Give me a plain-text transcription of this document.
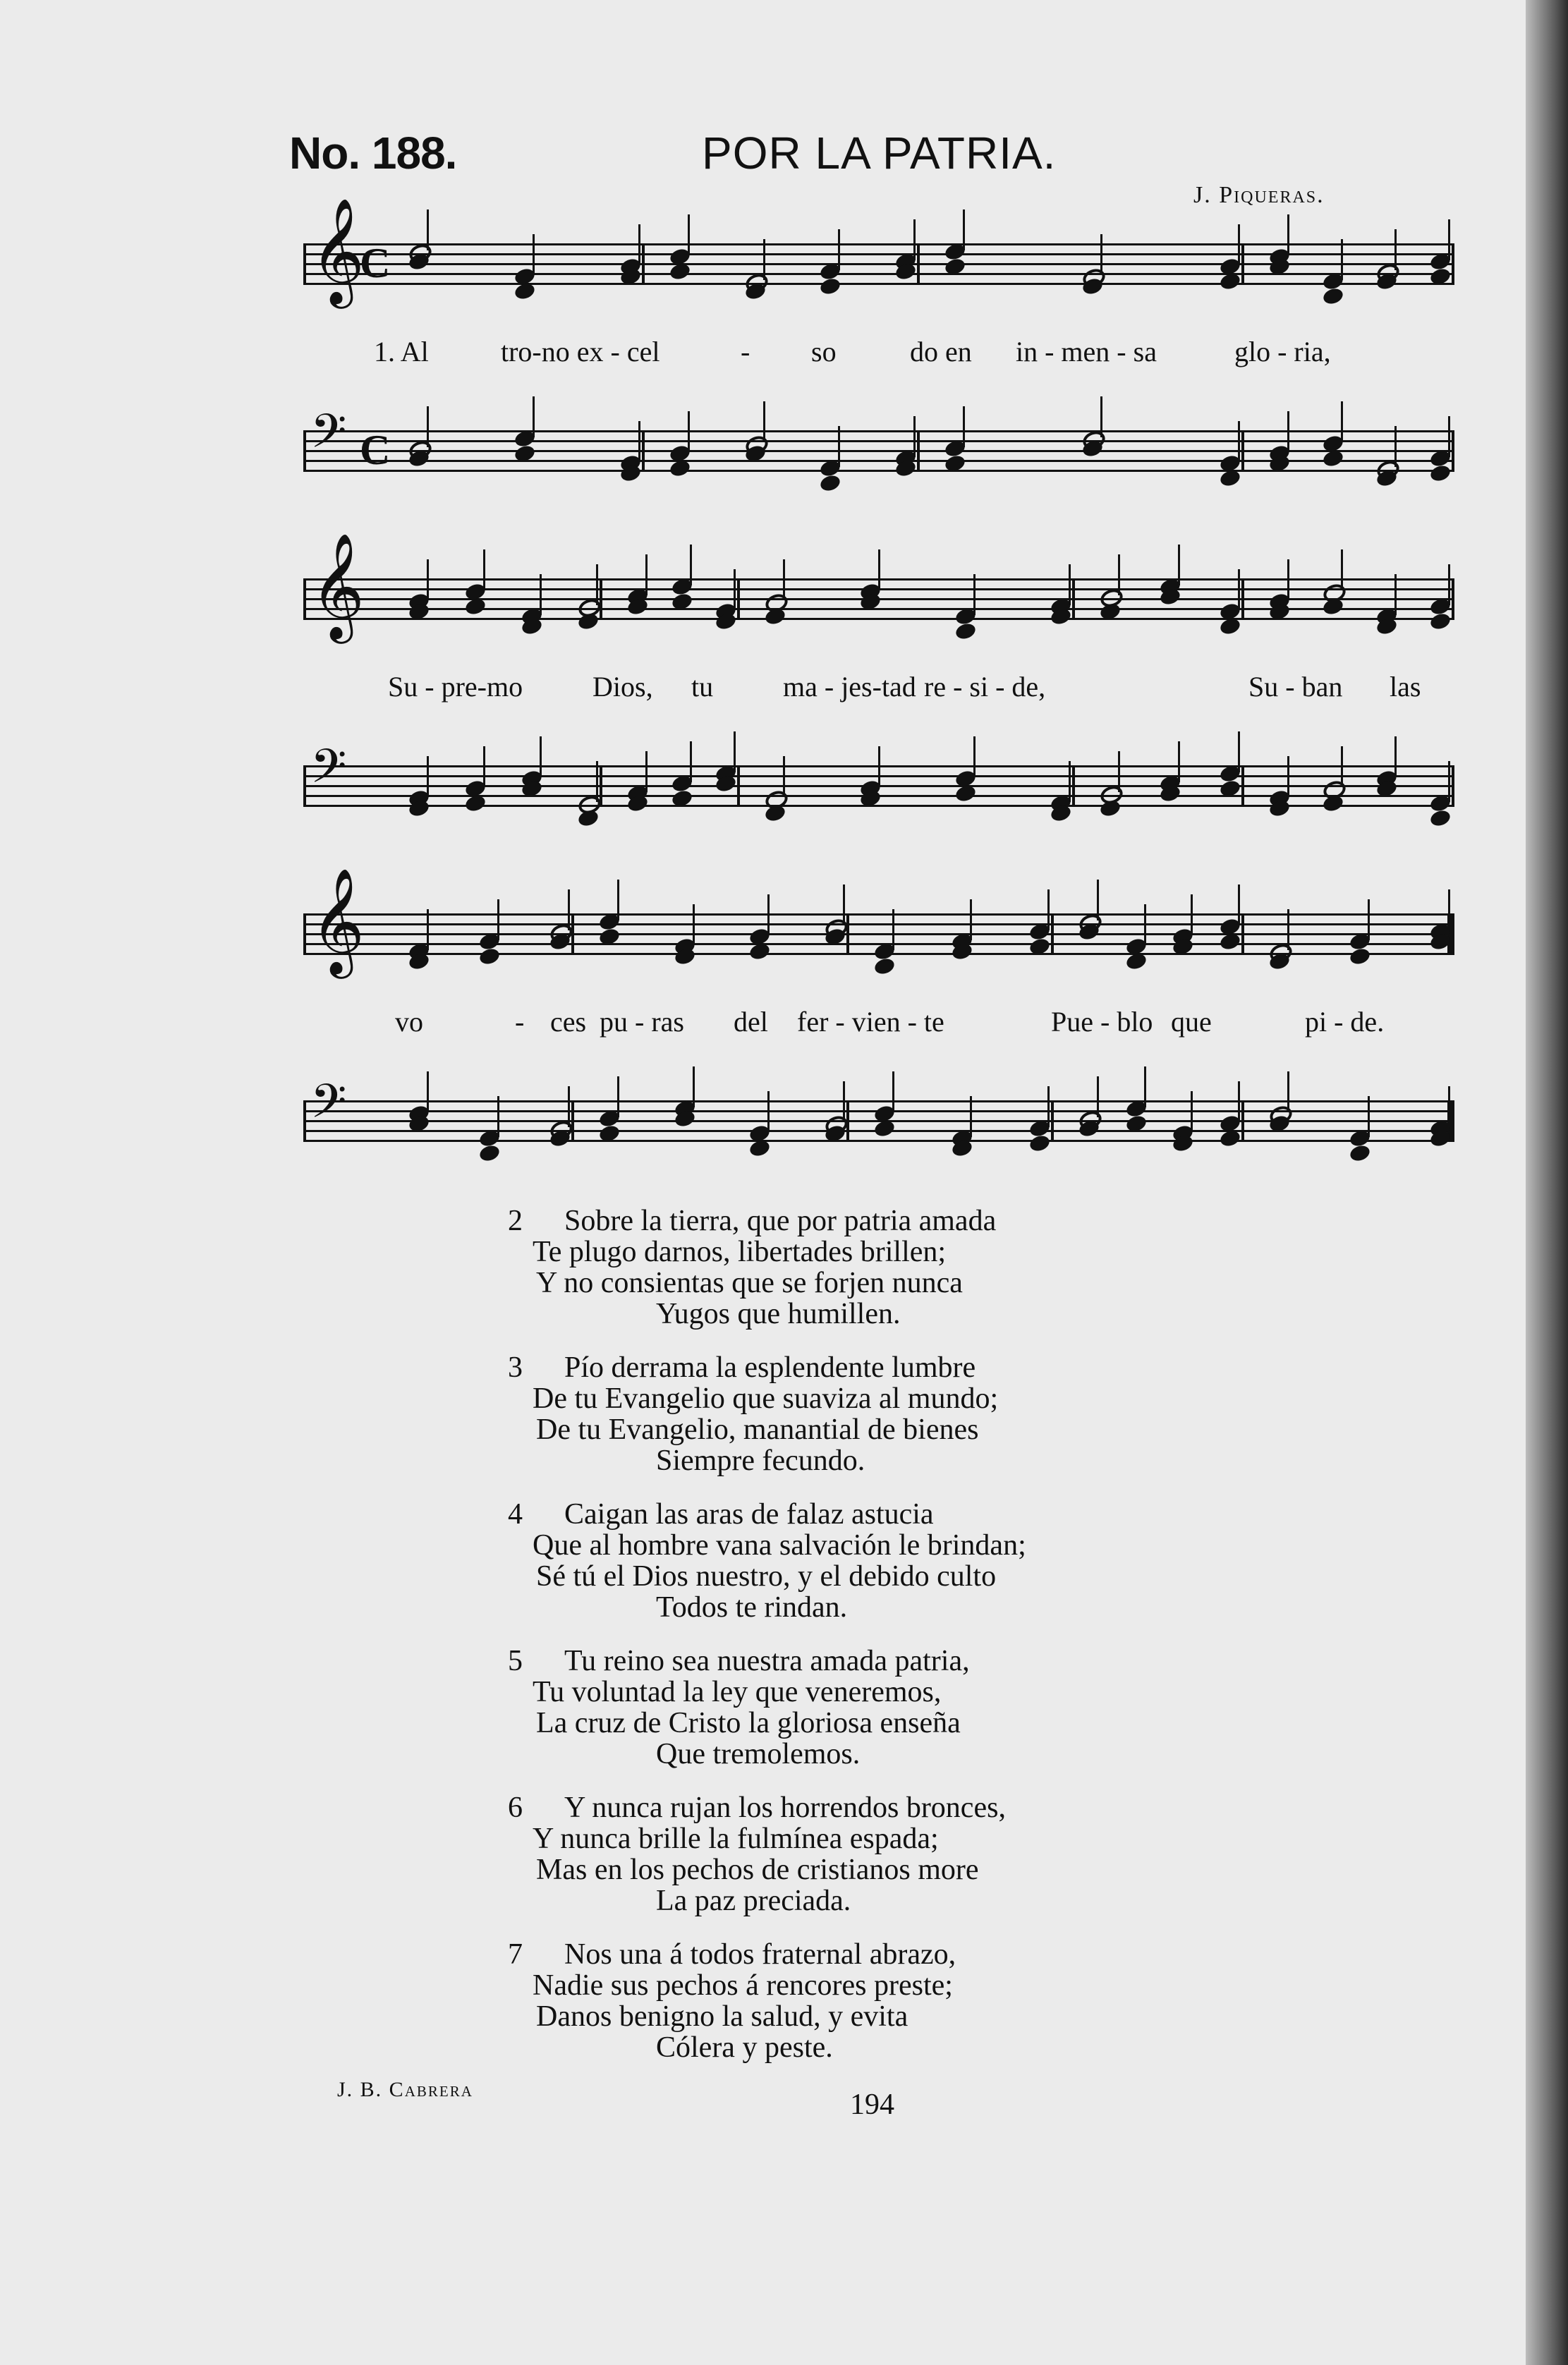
No. 188.	POR LA PATRIA.
J. Piqueras.
𝄞
C
𝄢 C
1. Al	tro-no ex - cel	- so	do en in - men - sa	glo - ria,
𝄞
𝄢
Su - pre-mo Dios, tu ma - jes-tad re - si - de,	Su - ban las
𝄞
𝄢
vo	- ces pu - ras del fer - vien - te	Pue - blo que	pi - de.
2 Sobre la tierra, que por patria amada
Te plugo darnos, libertades brillen;
Y no consientas que se forjen nunca
Yugos que humillen.
3 Pío derrama la esplendente lumbre
De tu Evangelio que suaviza al mundo;
De tu Evangelio, manantial de bienes
Siempre fecundo.
4 Caigan las aras de falaz astucia
Que al hombre vana salvación le brindan;
Sé tú el Dios nuestro, y el debido culto
Todos te rindan.
5 Tu reino sea nuestra amada patria,
Tu voluntad la ley que veneremos,
La cruz de Cristo la gloriosa enseña
Que tremolemos.
6 Y nunca rujan los horrendos bronces,
Y nunca brille la fulmínea espada;
Mas en los pechos de cristianos more
La paz preciada.
7 Nos una á todos fraternal abrazo,
Nadie sus pechos á rencores preste;
Danos benigno la salud, y evita
Cólera y peste.
J. B. Cabrera	194
